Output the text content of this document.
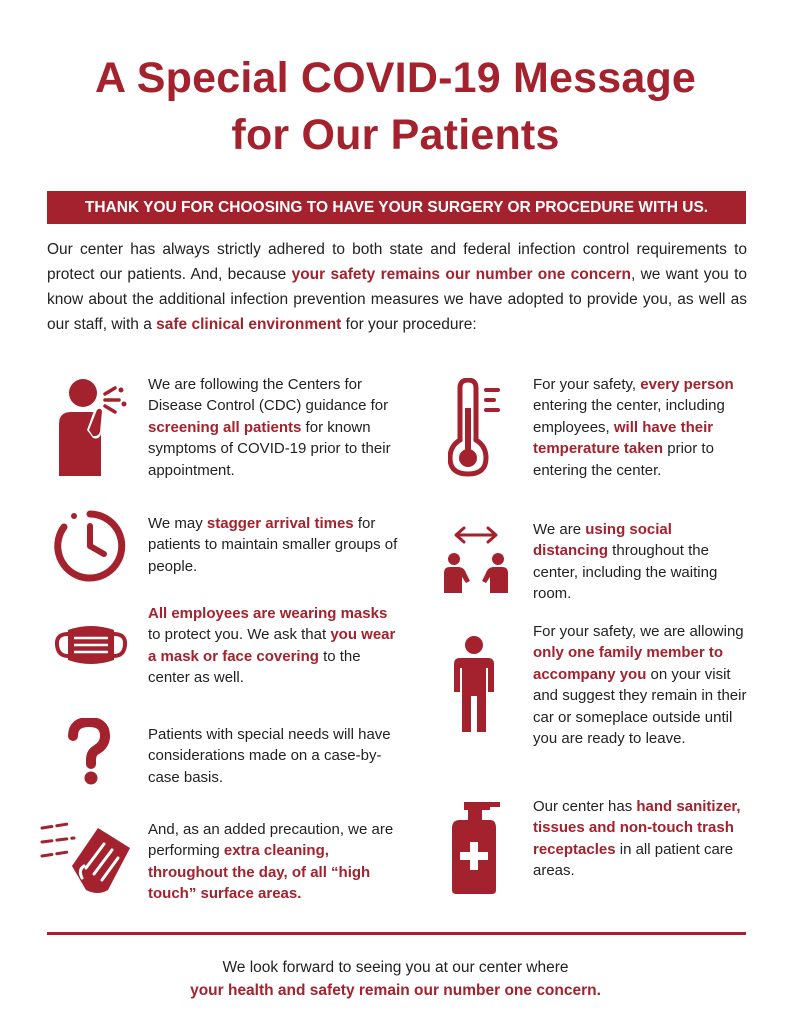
A Special COVID-19 Message
for Our Patients
THANK YOU FOR CHOOSING TO HAVE YOUR SURGERY OR PROCEDURE WITH US.

Our center has always strictly adhered to both state and federal infection control requirements to protect our patients. And, because your safety remains our number one concern, we want you to know about the additional infection prevention measures we have adopted to provide you, as well as our staff, with a safe clinical environment for your procedure:

We are following the Centers for Disease Control (CDC) guidance for screening all patients for known symptoms of COVID-19 prior to their appointment.

We may stagger arrival times for patients to maintain smaller groups of people.

All employees are wearing masks to protect you. We ask that you wear a mask or face covering to the center as well.

Patients with special needs will have considerations made on a case-by-case basis.

And, as an added precaution, we are performing extra cleaning, throughout the day, of all “high touch” surface areas.

For your safety, every person entering the center, including employees, will have their temperature taken prior to entering the center.

We are using social distancing throughout the center, including the waiting room.

For your safety, we are allowing only one family member to accompany you on your visit and suggest they remain in their car or someplace outside until you are ready to leave.

Our center has hand sanitizer, tissues and non-touch trash receptacles in all patient care areas.

We look forward to seeing you at our center where
your health and safety remain our number one concern.
